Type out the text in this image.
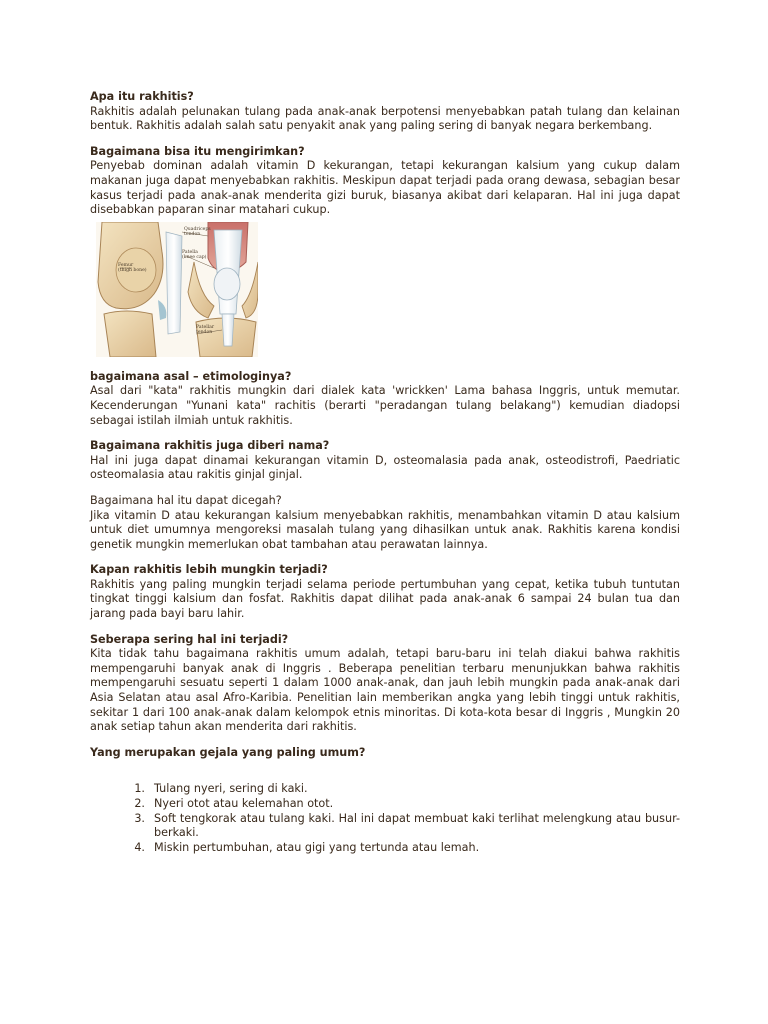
Apa itu rakhitis?

Rakhitis adalah pelunakan tulang pada anak-anak berpotensi menyebabkan patah tulang dan kelainan bentuk. Rakhitis adalah salah satu penyakit anak yang paling sering di banyak negara berkembang.

Bagaimana bisa itu mengirimkan?

Penyebab dominan adalah vitamin D kekurangan, tetapi kekurangan kalsium yang cukup dalam makanan juga dapat menyebabkan rakhitis. Meskipun dapat terjadi pada orang dewasa, sebagian besar kasus terjadi pada anak-anak menderita gizi buruk, biasanya akibat dari kelaparan. Hal ini juga dapat disebabkan paparan sinar matahari cukup.

Quadriceps
tendon
Patella
(knee cap)
Femur
(thigh bone)
Patellar
tendon

bagaimana asal – etimologinya?

Asal dari "kata" rakhitis mungkin dari dialek kata 'wrickken' Lama bahasa Inggris, untuk memutar. Kecenderungan "Yunani kata" rachitis (berarti "peradangan tulang belakang") kemudian diadopsi sebagai istilah ilmiah untuk rakhitis.

Bagaimana rakhitis juga diberi nama?

Hal ini juga dapat dinamai kekurangan vitamin D, osteomalasia pada anak, osteodistrofi, Paedriatic osteomalasia atau rakitis ginjal ginjal.

Bagaimana hal itu dapat dicegah?

Jika vitamin D atau kekurangan kalsium menyebabkan rakhitis, menambahkan vitamin D atau kalsium untuk diet umumnya mengoreksi masalah tulang yang dihasilkan untuk anak. Rakhitis karena kondisi genetik mungkin memerlukan obat tambahan atau perawatan lainnya.

Kapan rakhitis lebih mungkin terjadi?

Rakhitis yang paling mungkin terjadi selama periode pertumbuhan yang cepat, ketika tubuh tuntutan tingkat tinggi kalsium dan fosfat. Rakhitis dapat dilihat pada anak-anak 6 sampai 24 bulan tua dan jarang pada bayi baru lahir.

Seberapa sering hal ini terjadi?

Kita tidak tahu bagaimana rakhitis umum adalah, tetapi baru-baru ini telah diakui bahwa rakhitis mempengaruhi banyak anak di Inggris . Beberapa penelitian terbaru menunjukkan bahwa rakhitis mempengaruhi sesuatu seperti 1 dalam 1000 anak-anak, dan jauh lebih mungkin pada anak-anak dari Asia Selatan atau asal Afro-Karibia. Penelitian lain memberikan angka yang lebih tinggi untuk rakhitis, sekitar 1 dari 100 anak-anak dalam kelompok etnis minoritas. Di kota-kota besar di Inggris , Mungkin 20 anak setiap tahun akan menderita dari rakhitis.

Yang merupakan gejala yang paling umum?

1. Tulang nyeri, sering di kaki.
2. Nyeri otot atau kelemahan otot.
3. Soft tengkorak atau tulang kaki. Hal ini dapat membuat kaki terlihat melengkung atau busur-berkaki.
4. Miskin pertumbuhan, atau gigi yang tertunda atau lemah.
